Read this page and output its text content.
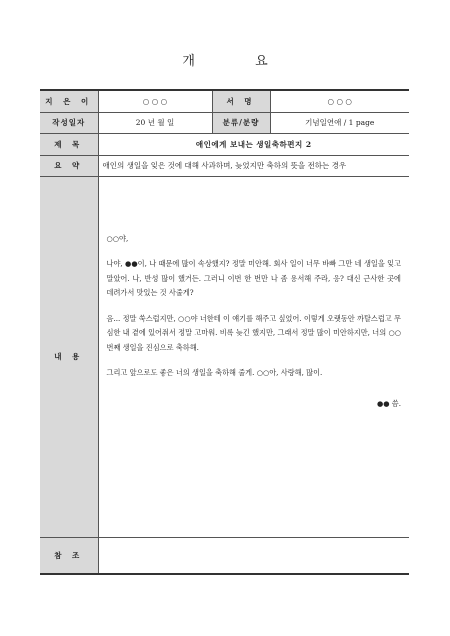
개 요
지 은 이	○ ○ ○	서 명	○ ○ ○
작성일자	20 년 월 일	분류/분량	기념일연애 / 1 page
제 목	애인에게 보내는 생일축하편지 2		
요 약	애인의 생일을 잊은 것에 대해 사과하며, 늦었지만 축하의 뜻을 전하는 경우		
내 용	○○야,

나야, ●●이, 나 때문에 많이 속상했지? 정말 미안해. 회사 일이 너무 바빠 그만 네 생일을 잊고 말았어. 나, 반성 많이 했거든. 그러니 이번 한 번만 나 좀 용서해 주라, 응? 대신 근사한 곳에 데려가서 맛있는 것 사줄게?

음... 정말 쑥스럽지만, ○○야 너한테 이 얘기를 해주고 싶었어. 이렇게 오랫동안 까탈스럽고 무심한 내 곁에 있어줘서 정말 고마워. 비록 늦긴 했지만, 그래서 정말 많이 미안하지만, 너의 ○○번째 생일을 진심으로 축하해.

그리고 앞으로도 좋은 너의 생일을 축하해 줄게. ○○아, 사랑해, 많이.

●● 씀.		

참 조			
